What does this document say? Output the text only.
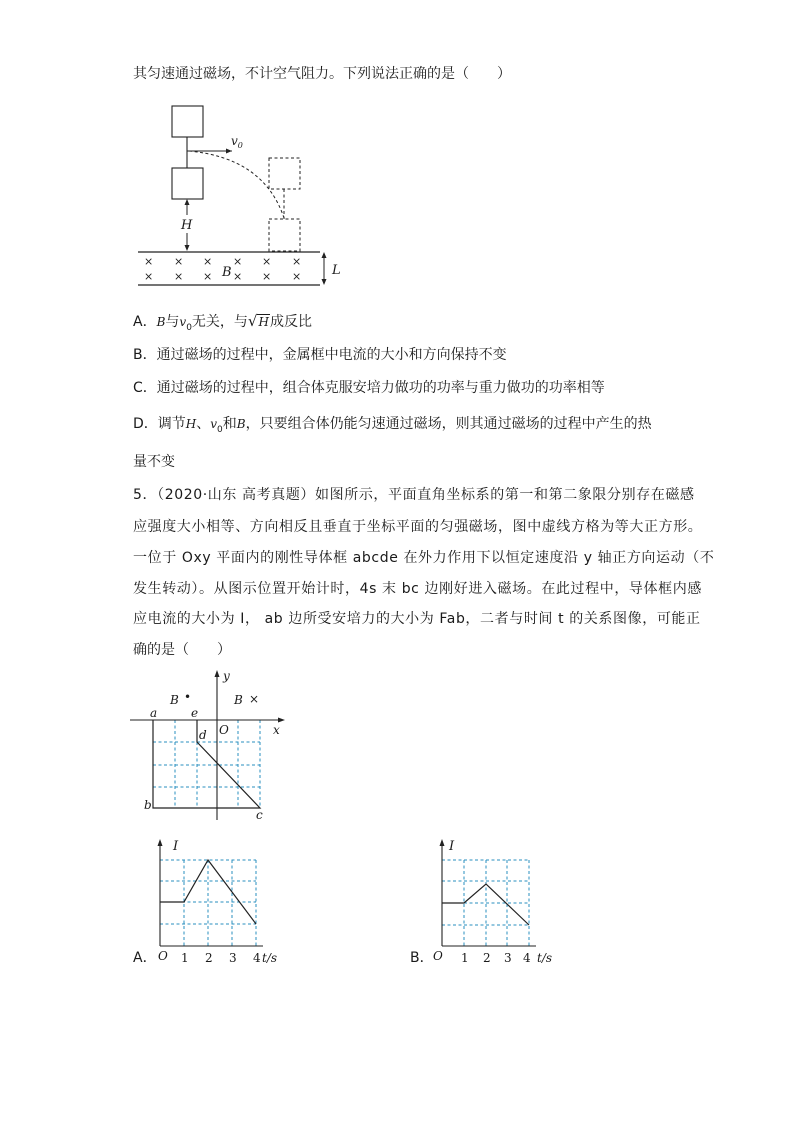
其匀速通过磁场，不计空气阻力。下列说法正确的是（　　）
$v_0$
H
× × × × × ×
× × × × × ×
B	L
A．B与$v_0$无关，与√H成反比
B．通过磁场的过程中，金属框中电流的大小和方向保持不变
C．通过磁场的过程中，组合体克服安培力做功的功率与重力做功的功率相等
D．调节H、$v_0$和B，只要组合体仍能匀速通过磁场，则其通过磁场的过程中产生的热
量不变
5．（2020·山东 高考真题）如图所示，平面直角坐标系的第一和第二象限分别存在磁感
应强度大小相等、方向相反且垂直于坐标平面的匀强磁场，图中虚线方格为等大正方形。
一位于 Oxy 平面内的刚性导体框 abcde 在外力作用下以恒定速度沿 y 轴正方向运动（不
发生转动）。从图示位置开始计时，4s 末 bc 边刚好进入磁场。在此过程中，导体框内感
应电流的大小为 I， ab 边所受安培力的大小为 Fab，二者与时间 t 的关系图像，可能正
确的是（　　）
x
y
O
B •	B ×
a
b
c
d
e
I
O 1 2 3 4 t/s
A．
I
O 1 2 3 4 t/s
B．
